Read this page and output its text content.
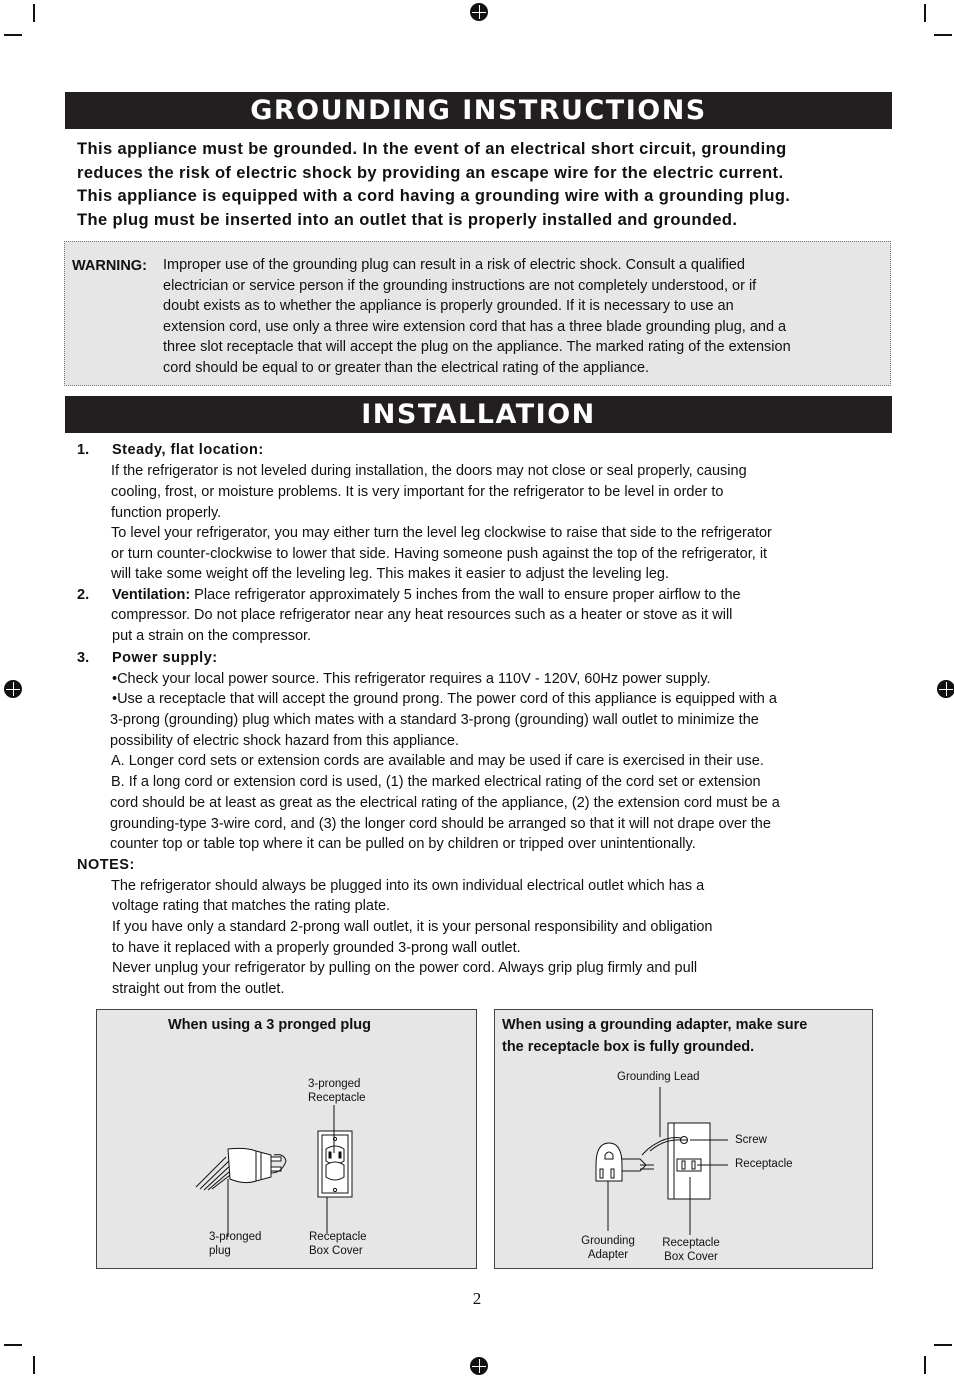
GROUNDING INSTRUCTIONS
This appliance must be grounded. In the event of an electrical short circuit, grounding
reduces the risk of electric shock by providing an escape wire for the electric current.
This appliance is equipped with a cord having a grounding wire with a grounding plug.
The plug must be inserted into an outlet that is properly installed and grounded.
WARNING: Improper use of the grounding plug can result in a risk of electric shock. Consult a qualified
electrician or service person if the grounding instructions are not completely understood, or if
doubt exists as to whether the appliance is properly grounded. If it is necessary to use an
extension cord, use only a three wire extension cord that has a three blade grounding plug, and a
three slot receptacle that will accept the plug on the appliance. The marked rating of the extension
cord should be equal to or greater than the electrical rating of the appliance.
INSTALLATION
1. Steady, flat location:
If the refrigerator is not leveled during installation, the doors may not close or seal properly, causing
cooling, frost, or moisture problems. It is very important for the refrigerator to be level in order to
function properly.
To level your refrigerator, you may either turn the level leg clockwise to raise that side to the refrigerator
or turn counter-clockwise to lower that side. Having someone push against the top of the refrigerator, it
will take some weight off the leveling leg. This makes it easier to adjust the leveling leg.
2. Ventilation: Place refrigerator approximately 5 inches from the wall to ensure proper airflow to the
compressor. Do not place refrigerator near any heat resources such as a heater or stove as it will
put a strain on the compressor.
3. Power supply:
•Check your local power source. This refrigerator requires a 110V - 120V, 60Hz power supply.
•Use a receptacle that will accept the ground prong. The power cord of this appliance is equipped with a
3-prong (grounding) plug which mates with a standard 3-prong (grounding) wall outlet to minimize the
possibility of electric shock hazard from this appliance.
A. Longer cord sets or extension cords are available and may be used if care is exercised in their use.
B. If a long cord or extension cord is used, (1) the marked electrical rating of the cord set or extension
cord should be at least as great as the electrical rating of the appliance, (2) the extension cord must be a
grounding-type 3-wire cord, and (3) the longer cord should be arranged so that it will not drape over the
counter top or table top where it can be pulled on by children or tripped over unintentionally.
NOTES:
The refrigerator should always be plugged into its own individual electrical outlet which has a
voltage rating that matches the rating plate.
If you have only a standard 2-prong wall outlet, it is your personal responsibility and obligation
to have it replaced with a properly grounded 3-prong wall outlet.
Never unplug your refrigerator by pulling on the power cord. Always grip plug firmly and pull
straight out from the outlet.
When using a 3 pronged plug
3-pronged
Receptacle
3-pronged
plug
Receptacle
Box Cover
When using a grounding adapter, make sure
the receptacle box is fully grounded.
Grounding Lead
Screw
Receptacle
Grounding
Adapter
Receptacle
Box Cover
2
